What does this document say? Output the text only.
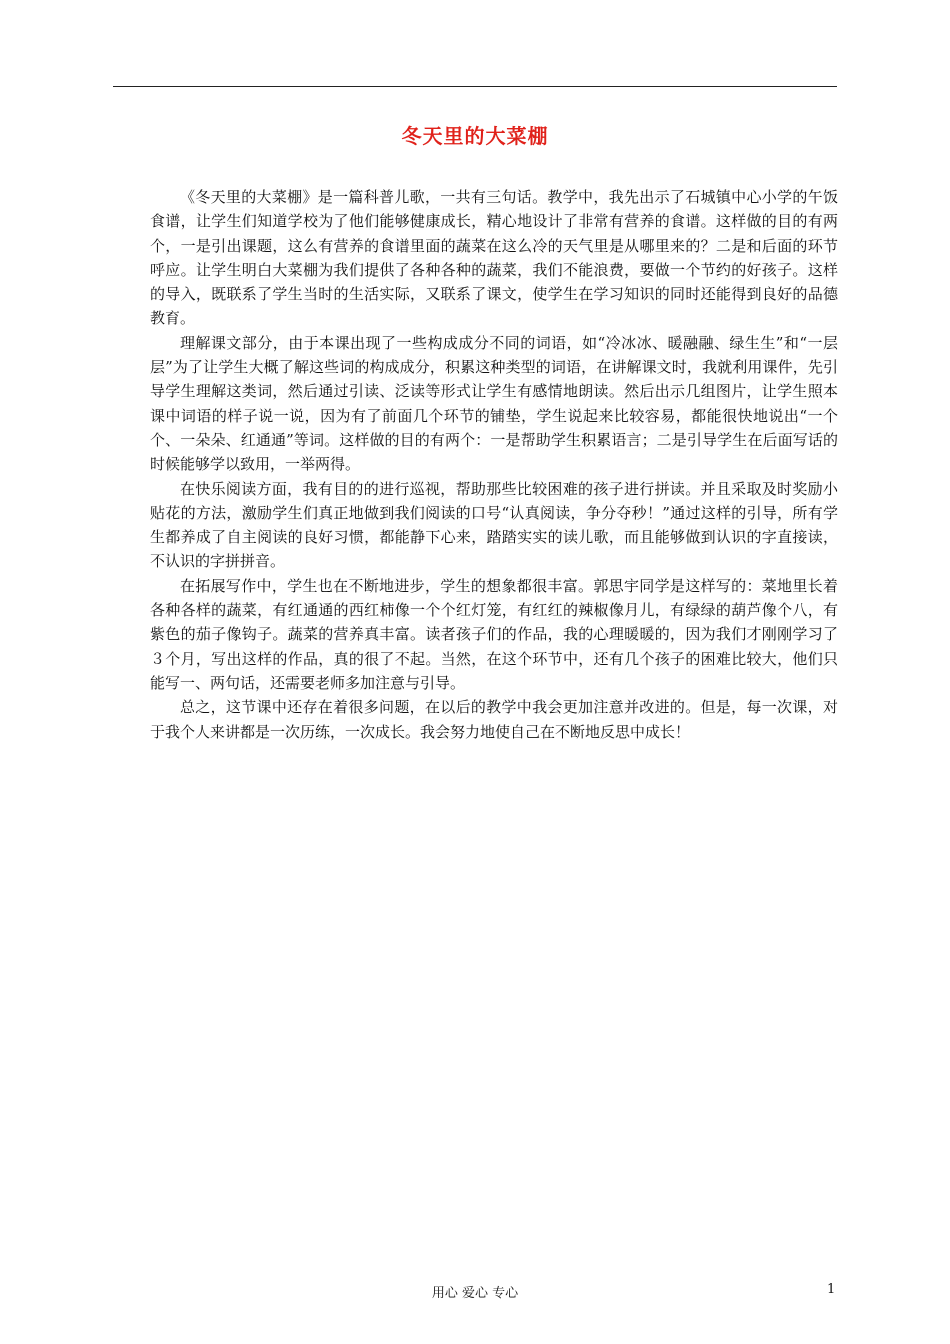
冬天里的大菜棚

《冬天里的大菜棚》是一篇科普儿歌，一共有三句话。教学中，我先出示了石城镇中心小学的午饭食谱，让学生们知道学校为了他们能够健康成长，精心地设计了非常有营养的食谱。这样做的目的有两个，一是引出课题，这么有营养的食谱里面的蔬菜在这么冷的天气里是从哪里来的？二是和后面的环节呼应。让学生明白大菜棚为我们提供了各种各种的蔬菜，我们不能浪费，要做一个节约的好孩子。这样的导入，既联系了学生当时的生活实际，又联系了课文，使学生在学习知识的同时还能得到良好的品德教育。

理解课文部分，由于本课出现了一些构成成分不同的词语，如“冷冰冰、暖融融、绿生生”和“一层层”为了让学生大概了解这些词的构成成分，积累这种类型的词语，在讲解课文时，我就利用课件，先引导学生理解这类词，然后通过引读、泛读等形式让学生有感情地朗读。然后出示几组图片，让学生照本课中词语的样子说一说，因为有了前面几个环节的铺垫，学生说起来比较容易，都能很快地说出“一个个、一朵朵、红通通”等词。这样做的目的有两个：一是帮助学生积累语言；二是引导学生在后面写话的时候能够学以致用，一举两得。

在快乐阅读方面，我有目的的进行巡视，帮助那些比较困难的孩子进行拼读。并且采取及时奖励小贴花的方法，激励学生们真正地做到我们阅读的口号“认真阅读，争分夺秒！”通过这样的引导，所有学生都养成了自主阅读的良好习惯，都能静下心来，踏踏实实的读儿歌，而且能够做到认识的字直接读，不认识的字拼拼音。

在拓展写作中，学生也在不断地进步，学生的想象都很丰富。郭思宇同学是这样写的：菜地里长着各种各样的蔬菜，有红通通的西红柿像一个个红灯笼，有红红的辣椒像月儿，有绿绿的葫芦像个八，有紫色的茄子像钩子。蔬菜的营养真丰富。读者孩子们的作品，我的心理暖暖的，因为我们才刚刚学习了３个月，写出这样的作品，真的很了不起。当然，在这个环节中，还有几个孩子的困难比较大，他们只能写一、两句话，还需要老师多加注意与引导。

总之，这节课中还存在着很多问题，在以后的教学中我会更加注意并改进的。但是，每一次课，对于我个人来讲都是一次历练，一次成长。我会努力地使自己在不断地反思中成长！

用心 爱心 专心	1
